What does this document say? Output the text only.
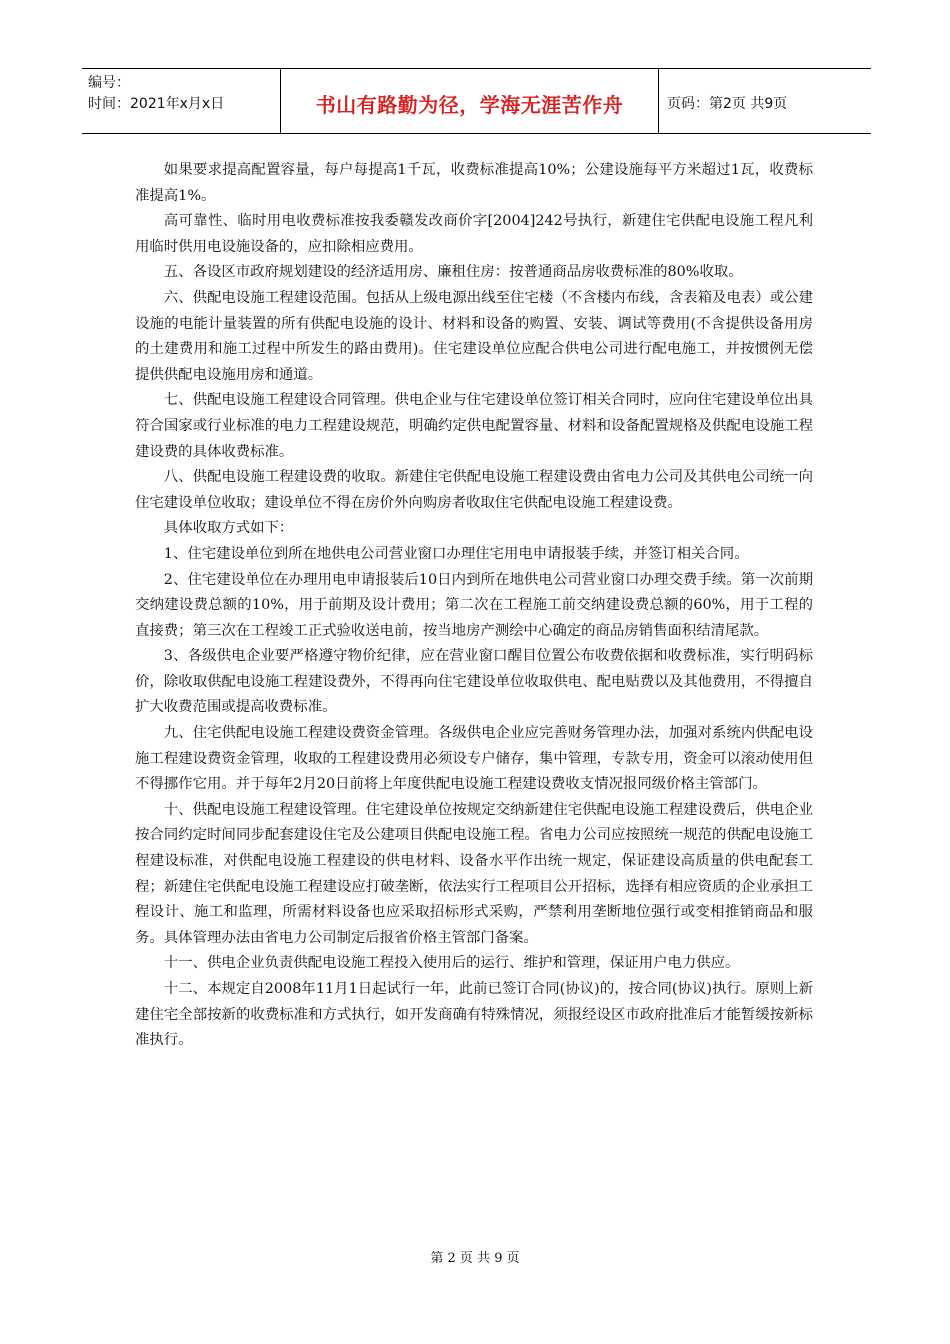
编号：
时间：2021年x月x日	书山有路勤为径，学海无涯苦作舟	页码：第2页 共9页

如果要求提高配置容量，每户每提高1千瓦，收费标准提高10%；公建设施每平方米超过1瓦，收费标准提高1%。

高可靠性、临时用电收费标准按我委赣发改商价字[2004]242号执行，新建住宅供配电设施工程凡利用临时供用电设施设备的，应扣除相应费用。

五、各设区市政府规划建设的经济适用房、廉租住房：按普通商品房收费标准的80%收取。

六、供配电设施工程建设范围。包括从上级电源出线至住宅楼（不含楼内布线，含表箱及电表）或公建设施的电能计量装置的所有供配电设施的设计、材料和设备的购置、安装、调试等费用(不含提供设备用房的土建费用和施工过程中所发生的路由费用)。住宅建设单位应配合供电公司进行配电施工，并按惯例无偿提供供配电设施用房和通道。

七、供配电设施工程建设合同管理。供电企业与住宅建设单位签订相关合同时，应向住宅建设单位出具符合国家或行业标准的电力工程建设规范，明确约定供电配置容量、材料和设备配置规格及供配电设施工程建设费的具体收费标准。

八、供配电设施工程建设费的收取。新建住宅供配电设施工程建设费由省电力公司及其供电公司统一向住宅建设单位收取；建设单位不得在房价外向购房者收取住宅供配电设施工程建设费。

具体收取方式如下：

1、住宅建设单位到所在地供电公司营业窗口办理住宅用电申请报装手续，并签订相关合同。

2、住宅建设单位在办理用电申请报装后10日内到所在地供电公司营业窗口办理交费手续。第一次前期交纳建设费总额的10%，用于前期及设计费用；第二次在工程施工前交纳建设费总额的60%，用于工程的直接费；第三次在工程竣工正式验收送电前，按当地房产测绘中心确定的商品房销售面积结清尾款。

3、各级供电企业要严格遵守物价纪律，应在营业窗口醒目位置公布收费依据和收费标准，实行明码标价，除收取供配电设施工程建设费外，不得再向住宅建设单位收取供电、配电贴费以及其他费用，不得擅自扩大收费范围或提高收费标准。

九、住宅供配电设施工程建设费资金管理。各级供电企业应完善财务管理办法，加强对系统内供配电设施工程建设费资金管理，收取的工程建设费用必须设专户储存，集中管理，专款专用，资金可以滚动使用但不得挪作它用。并于每年2月20日前将上年度供配电设施工程建设费收支情况报同级价格主管部门。

十、供配电设施工程建设管理。住宅建设单位按规定交纳新建住宅供配电设施工程建设费后，供电企业按合同约定时间同步配套建设住宅及公建项目供配电设施工程。省电力公司应按照统一规范的供配电设施工程建设标准，对供配电设施工程建设的供电材料、设备水平作出统一规定，保证建设高质量的供电配套工程；新建住宅供配电设施工程建设应打破垄断，依法实行工程项目公开招标，选择有相应资质的企业承担工程设计、施工和监理，所需材料设备也应采取招标形式采购，严禁利用垄断地位强行或变相推销商品和服务。具体管理办法由省电力公司制定后报省价格主管部门备案。

十一、供电企业负责供配电设施工程投入使用后的运行、维护和管理，保证用户电力供应。

十二、本规定自2008年11月1日起试行一年，此前已签订合同(协议)的，按合同(协议)执行。原则上新建住宅全部按新的收费标准和方式执行，如开发商确有特殊情况，须报经设区市政府批准后才能暂缓按新标准执行。

第 2 页 共 9 页
